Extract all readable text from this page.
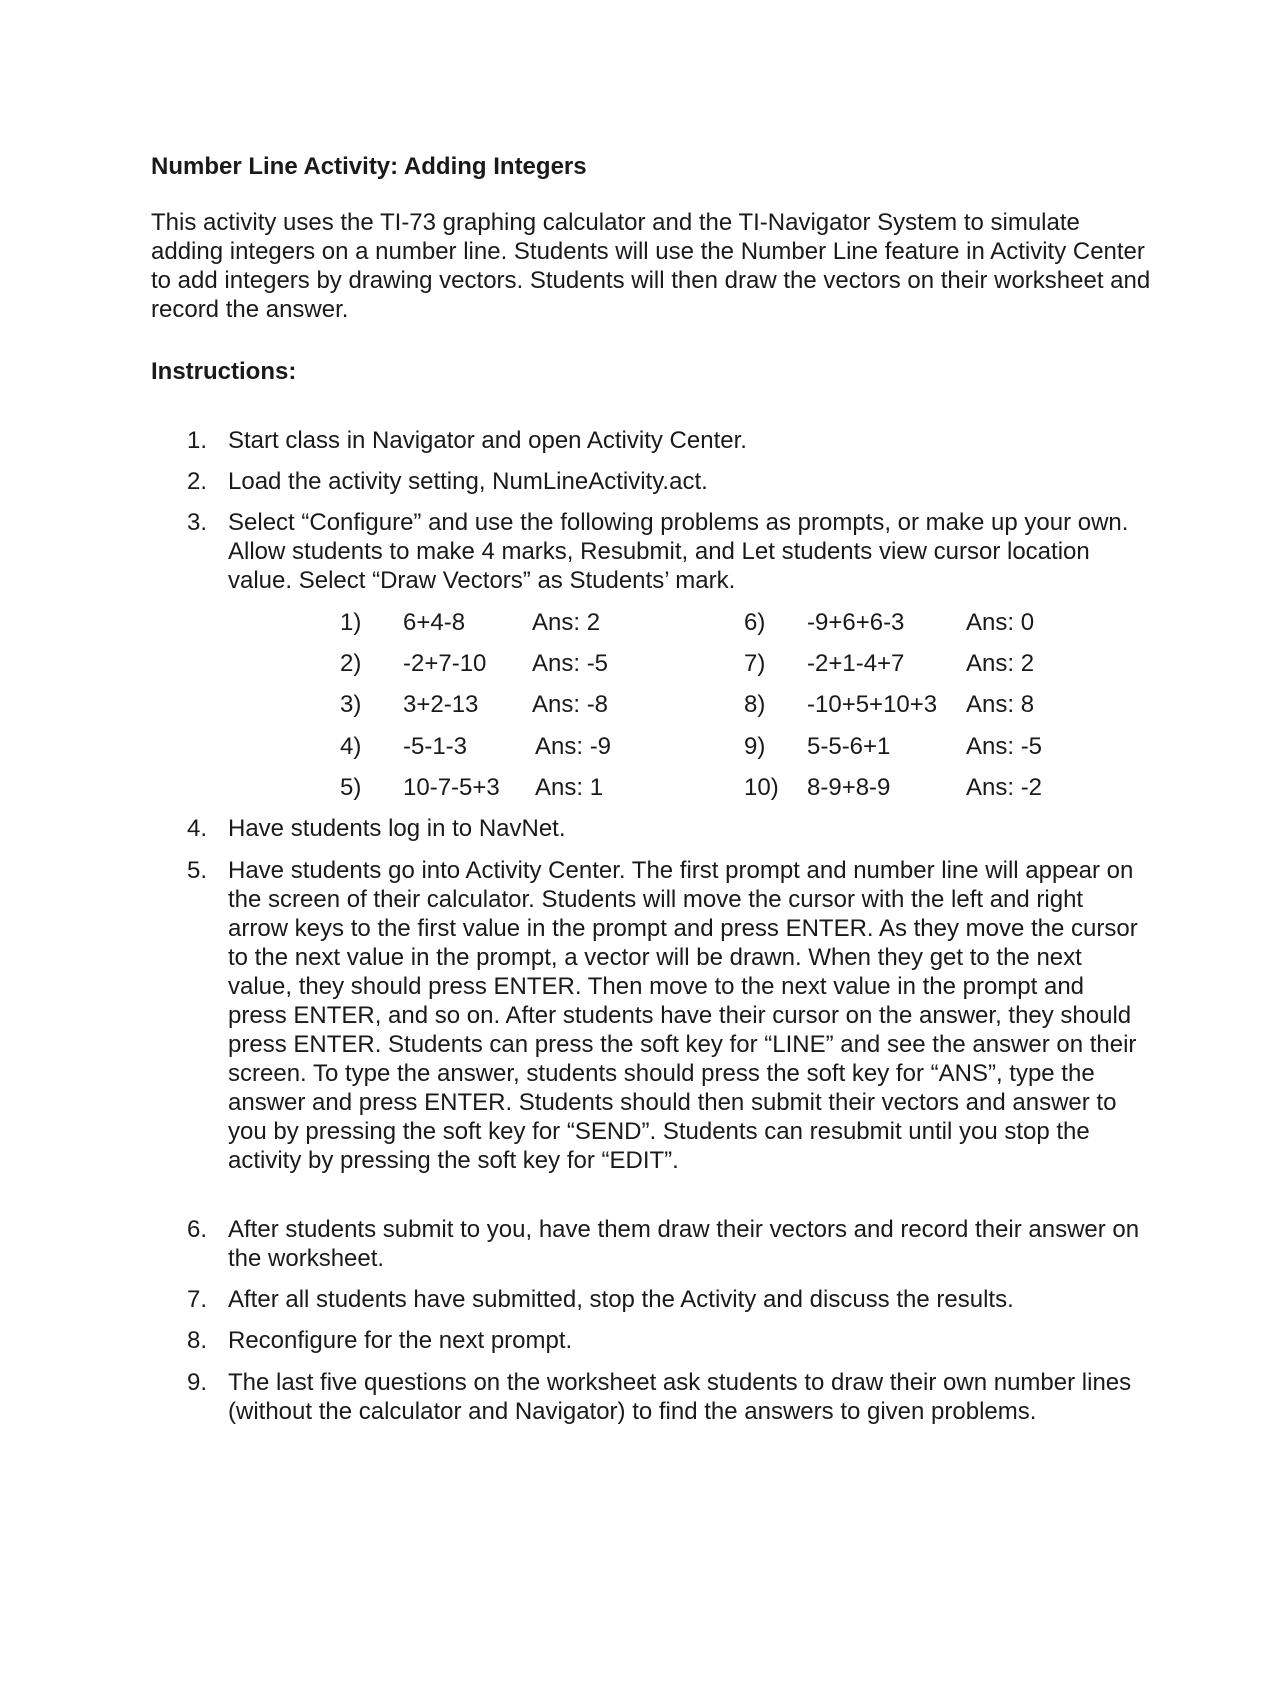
Number Line Activity: Adding Integers

This activity uses the TI-73 graphing calculator and the TI-Navigator System to simulate adding integers on a number line. Students will use the Number Line feature in Activity Center to add integers by drawing vectors. Students will then draw the vectors on their worksheet and record the answer.

Instructions:
1. Start class in Navigator and open Activity Center.
2. Load the activity setting, NumLineActivity.act.
3. Select “Configure” and use the following problems as prompts, or make up your own. Allow students to make 4 marks, Resubmit, and Let students view cursor location value. Select “Draw Vectors” as Students’ mark.
1) 6+4-8	Ans: 2
2) -2+7-10 Ans: -5
3) 3+2-13 Ans: -8
4) -5-1-3	Ans: -9
5) 10-7-5+3 Ans: 1
6) -9+6+6-3	Ans: 0
7) -2+1-4+7	Ans: 2
8) -10+5+10+3 Ans: 8
9) 5-5-6+1	Ans: -5
10) 8-9+8-9	Ans: -2
4. Have students log in to NavNet.
5. Have students go into Activity Center. The first prompt and number line will appear on the screen of their calculator. Students will move the cursor with the left and right arrow keys to the first value in the prompt and press ENTER. As they move the cursor to the next value in the prompt, a vector will be drawn. When they get to the next value, they should press ENTER. Then move to the next value in the prompt and press ENTER, and so on. After students have their cursor on the answer, they should press ENTER. Students can press the soft key for “LINE” and see the answer on their screen. To type the answer, students should press the soft key for “ANS”, type the answer and press ENTER. Students should then submit their vectors and answer to you by pressing the soft key for “SEND”. Students can resubmit until you stop the activity by pressing the soft key for “EDIT”.
6. After students submit to you, have them draw their vectors and record their answer on the worksheet.
7. After all students have submitted, stop the Activity and discuss the results.
8. Reconfigure for the next prompt.
9. The last five questions on the worksheet ask students to draw their own number lines (without the calculator and Navigator) to find the answers to given problems.
